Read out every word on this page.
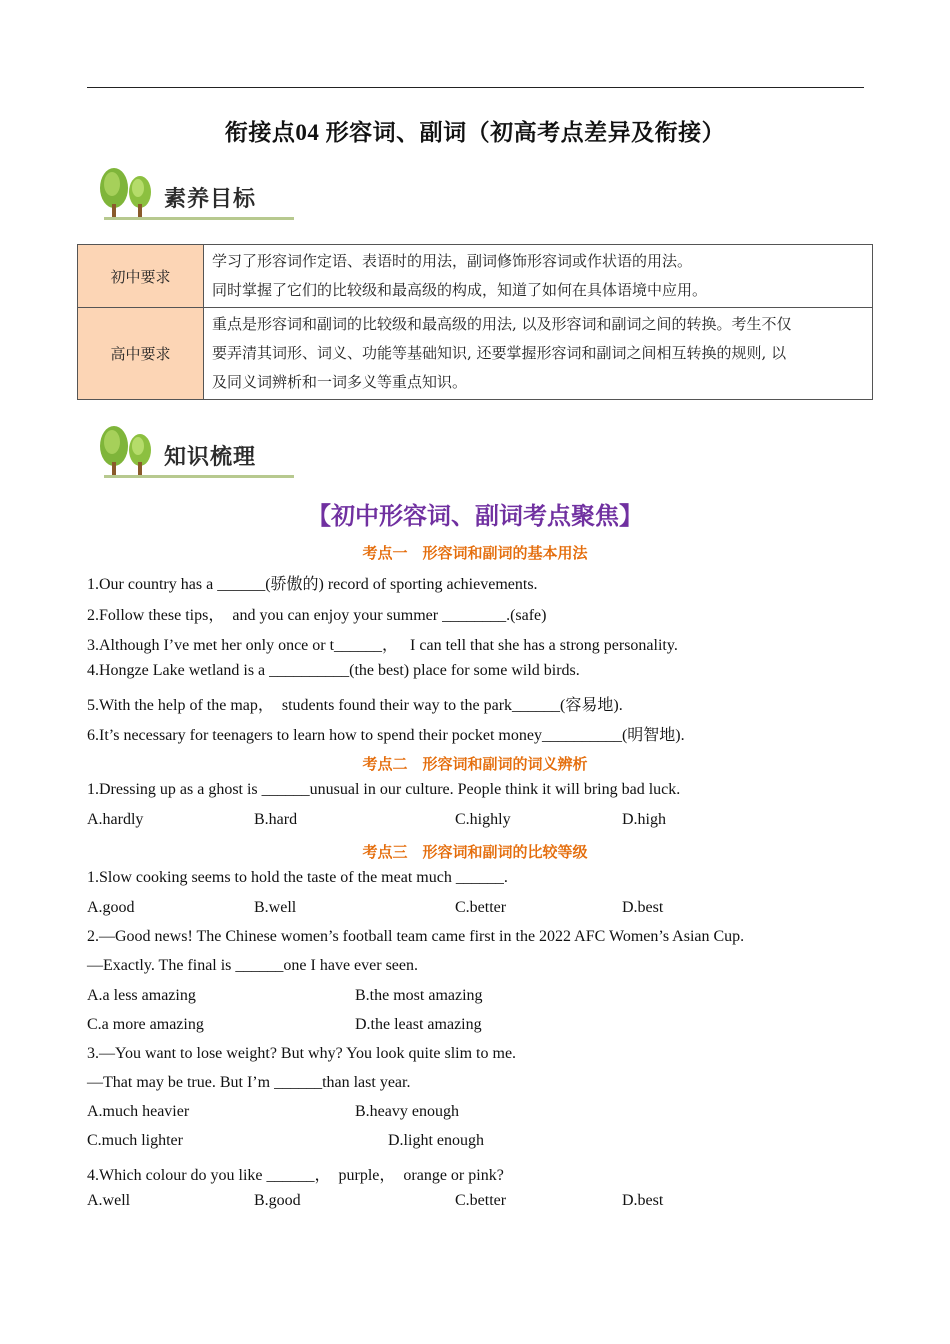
衔接点04 形容词、副词（初高考点差异及衔接）
素养目标
初中要求	学习了形容词作定语、表语时的用法，副词修饰形容词或作状语的用法。
同时掌握了它们的比较级和最高级的构成，知道了如何在具体语境中应用。

高中要求	重点是形容词和副词的比较级和最高级的用法, 以及形容词和副词之间的转换。考生不仅
要弄清其词形、词义、功能等基础知识, 还要掌握形容词和副词之间相互转换的规则, 以
及同义词辨析和一词多义等重点知识。
知识梳理
【初中形容词、副词考点聚焦】
考点一　形容词和副词的基本用法
1.Our country has a ______(骄傲的) record of sporting achievements.
2.Follow these tips，  and you can enjoy your summer ________.(safe)
3.Although I’ve met her only once or t______，   I can tell that she has a strong personality.
4.Hongze Lake wetland is a __________(the best) place for some wild birds.
5.With the help of the map，  students found their way to the park______(容易地).
6.It’s necessary for teenagers to learn how to spend their pocket money__________(明智地).
考点二　形容词和副词的词义辨析
1.Dressing up as a ghost is ______unusual in our culture. People think it will bring bad luck.
A.hardly	B.hard	C.highly	D.high
考点三　形容词和副词的比较等级
1.Slow cooking seems to hold the taste of the meat much ______.
A.good	B.well	C.better	D.best
2.—Good news! The Chinese women’s football team came first in the 2022 AFC Women’s Asian Cup.
—Exactly. The final is ______one I have ever seen.
A.a less amazing	B.the most amazing
C.a more amazing	D.the least amazing
3.—You want to lose weight? But why? You look quite slim to me.
—That may be true. But I’m ______than last year.
A.much heavier	B.heavy enough
C.much lighter	D.light enough
4.Which colour do you like ______，  purple，  orange or pink?
A.well	B.good	C.better	D.best
